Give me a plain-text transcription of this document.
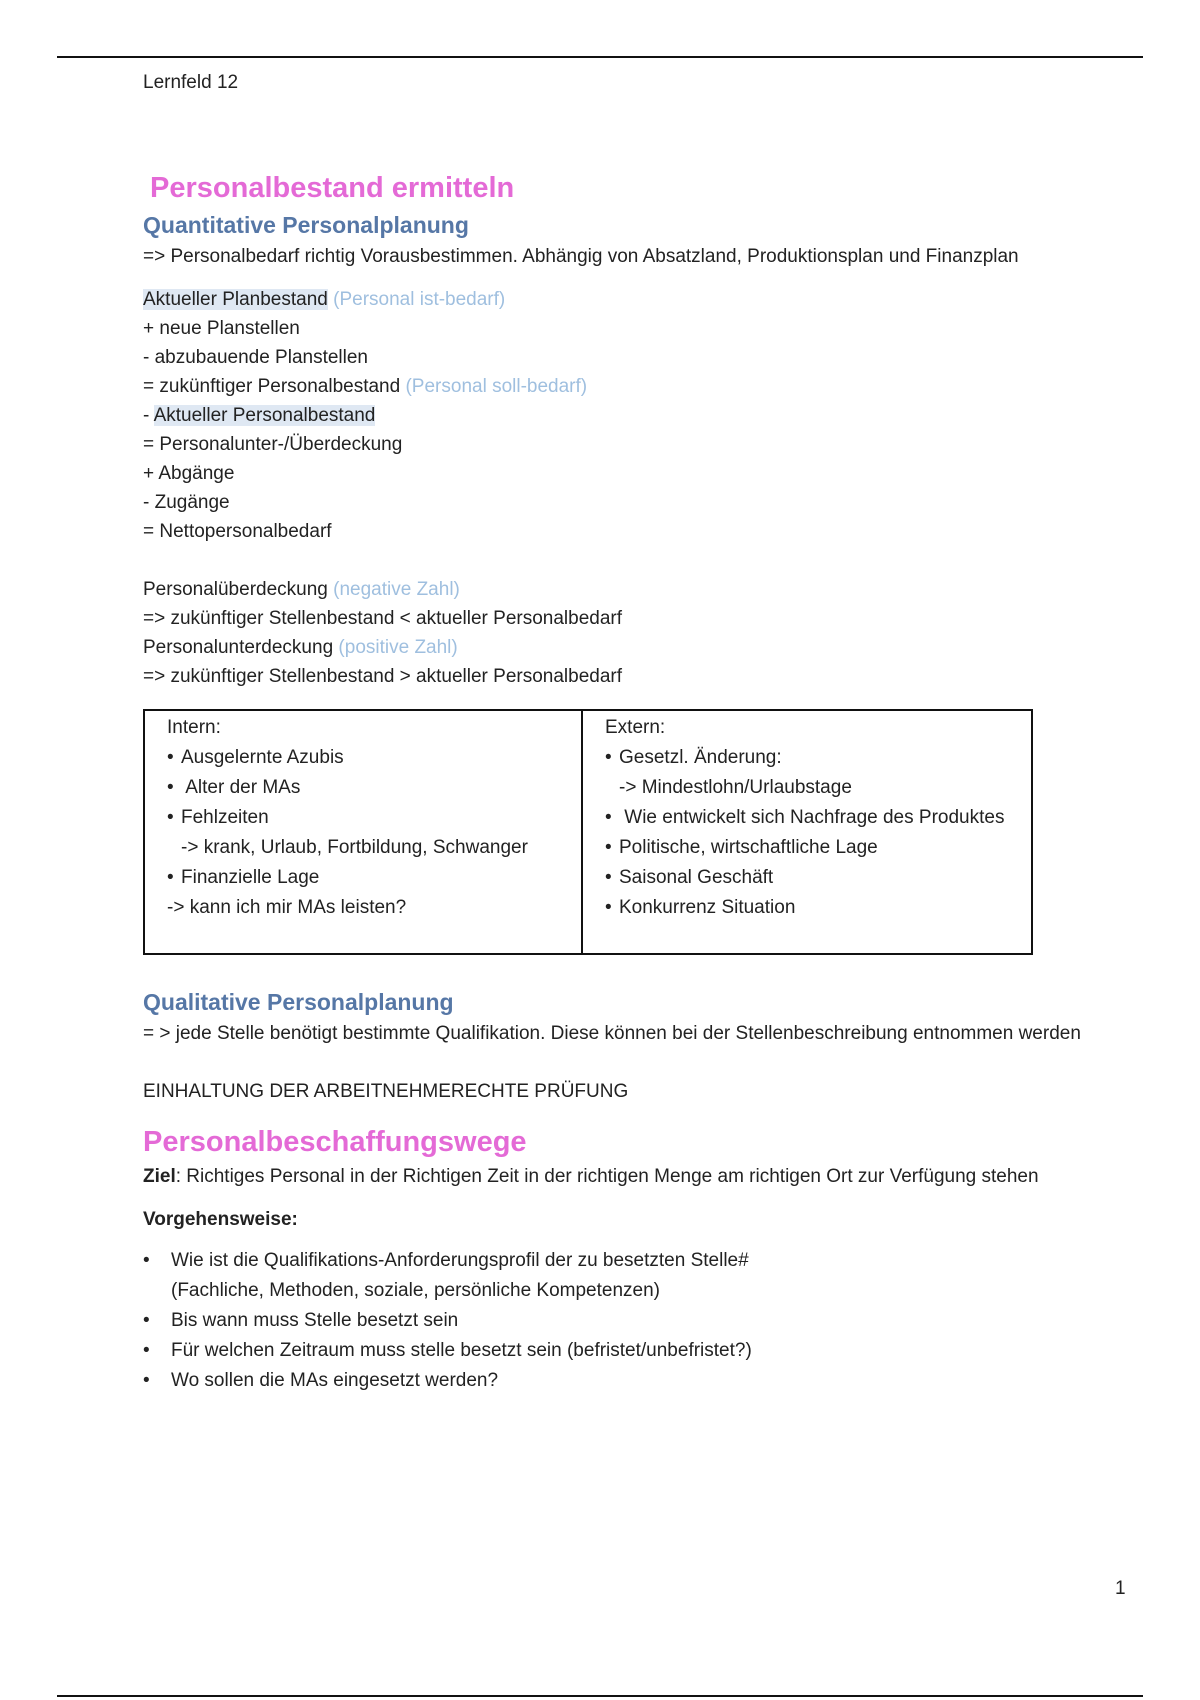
Lernfeld 12
Personalbestand ermitteln
Quantitative Personalplanung

=> Personalbedarf richtig Vorausbestimmen. Abhängig von Absatzland, Produktionsplan und Finanzplan

Aktueller Planbestand (Personal ist-bedarf)

+ neue Planstellen

- abzubauende Planstellen

= zukünftiger Personalbestand (Personal soll-bedarf)

- Aktueller Personalbestand

= Personalunter-/Überdeckung

+ Abgänge

- Zugänge

= Nettopersonalbedarf

Personalüberdeckung (negative Zahl)

=> zukünftiger Stellenbestand < aktueller Personalbedarf

Personalunterdeckung (positive Zahl)

=> zukünftiger Stellenbestand > aktueller Personalbedarf

Intern:

• Ausgelernte Azubis

• Alter der MAs

• Fehlzeiten

-> krank, Urlaub, Fortbildung, Schwanger

• Finanzielle Lage

-> kann ich mir MAs leisten?

Extern:

• Gesetzl. Änderung:

-> Mindestlohn/Urlaubstage

• Wie entwickelt sich Nachfrage des Produktes

• Politische, wirtschaftliche Lage

• Saisonal Geschäft

• Konkurrenz Situation

Qualitative Personalplanung

= > jede Stelle benötigt bestimmte Qualifikation. Diese können bei der Stellenbeschreibung entnommen werden

EINHALTUNG DER ARBEITNEHMERECHTE PRÜFUNG

Personalbeschaffungswege

Ziel: Richtiges Personal in der Richtigen Zeit in der richtigen Menge am richtigen Ort zur Verfügung stehen

Vorgehensweise:

• Wie ist die Qualifikations-Anforderungsprofil der zu besetzten Stelle#
(Fachliche, Methoden, soziale, persönliche Kompetenzen)
• Bis wann muss Stelle besetzt sein
• Für welchen Zeitraum muss stelle besetzt sein (befristet/unbefristet?)
• Wo sollen die MAs eingesetzt werden?
1
